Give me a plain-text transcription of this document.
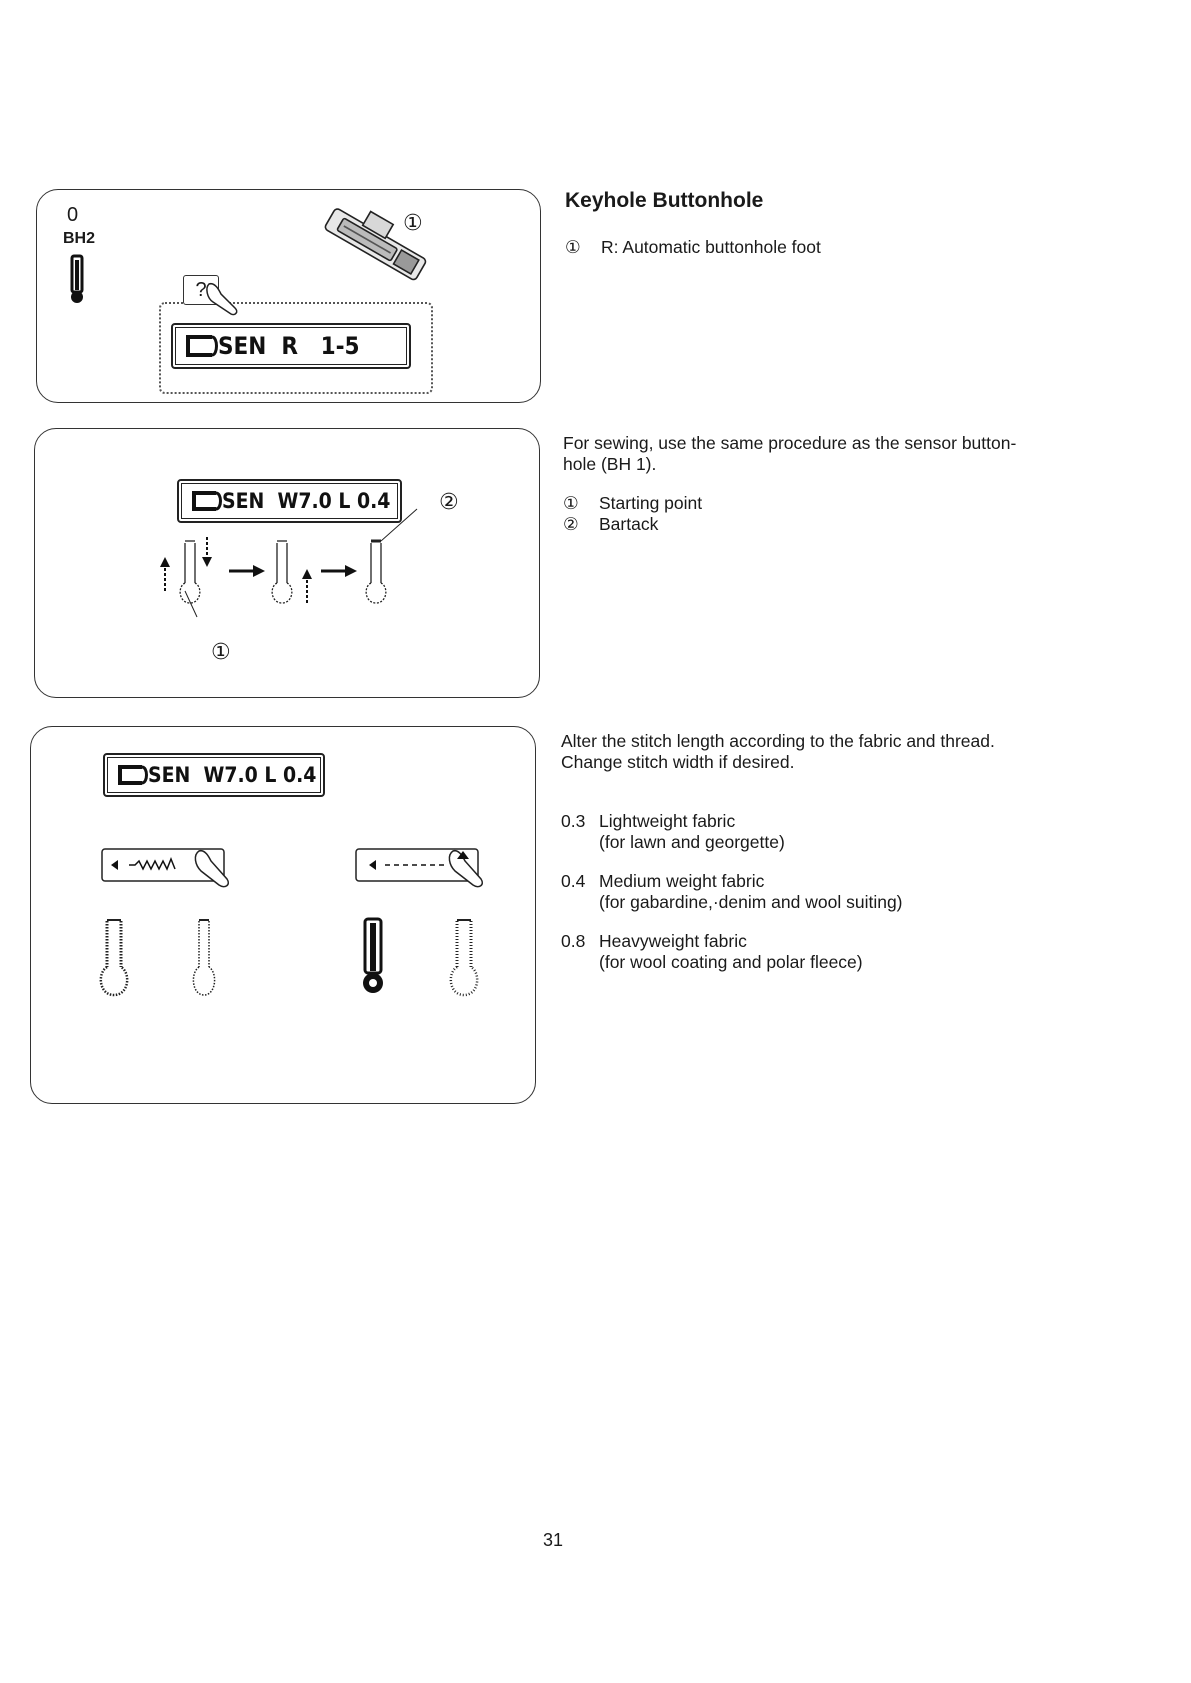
0
BH2
①
?
SEN  R   1-5
SEN  W7.0 L 0.4 ②
①
SEN  W7.0 L 0.4
Keyhole Buttonhole
① R: Automatic buttonhole foot
For sewing, use the same procedure as the sensor button-
hole (BH 1).
① Starting point
② Bartack
Alter the stitch length according to the fabric and thread.
Change stitch width if desired.
0.3 Lightweight fabric
(for lawn and georgette)
0.4 Medium weight fabric
(for gabardine,·denim and wool suiting)
0.8 Heavyweight fabric
(for wool coating and polar fleece)
31
